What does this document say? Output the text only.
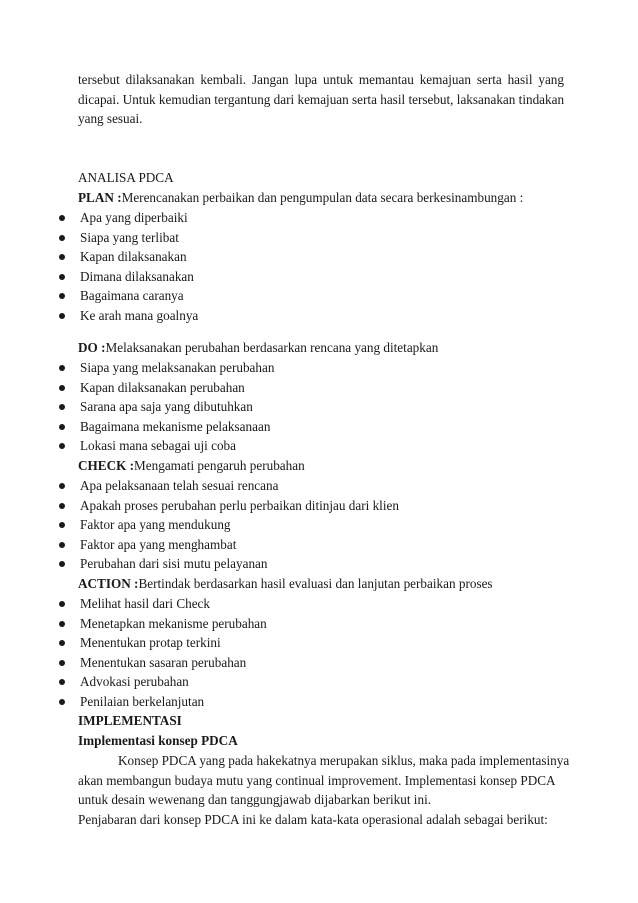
tersebut dilaksanakan kembali. Jangan lupa untuk memantau kemajuan serta hasil yang
dicapai. Untuk kemudian tergantung dari kemajuan serta hasil tersebut, laksanakan tindakan
yang sesuai.
ANALISA PDCA
PLAN :Merencanakan perbaikan dan pengumpulan data secara berkesinambungan :
Apa yang diperbaiki
Siapa yang terlibat
Kapan dilaksanakan
Dimana dilaksanakan
Bagaimana caranya
Ke arah mana goalnya
DO :Melaksanakan perubahan berdasarkan rencana yang ditetapkan
Siapa yang melaksanakan perubahan
Kapan dilaksanakan perubahan
Sarana apa saja yang dibutuhkan
Bagaimana mekanisme pelaksanaan
Lokasi mana sebagai uji coba
CHECK :Mengamati pengaruh perubahan
Apa pelaksanaan telah sesuai rencana
Apakah proses perubahan perlu perbaikan ditinjau dari klien
Faktor apa yang mendukung
Faktor apa yang menghambat
Perubahan dari sisi mutu pelayanan
ACTION :Bertindak berdasarkan hasil evaluasi dan lanjutan perbaikan proses
Melihat hasil dari Check
Menetapkan mekanisme perubahan
Menentukan protap terkini
Menentukan sasaran perubahan
Advokasi perubahan
Penilaian berkelanjutan
IMPLEMENTASI
Implementasi konsep PDCA
Konsep PDCA yang pada hakekatnya merupakan siklus, maka pada implementasinya
akan membangun budaya mutu yang continual improvement. Implementasi konsep PDCA
untuk desain wewenang dan tanggungjawab dijabarkan berikut ini.
Penjabaran dari konsep PDCA ini ke dalam kata-kata operasional adalah sebagai berikut:
